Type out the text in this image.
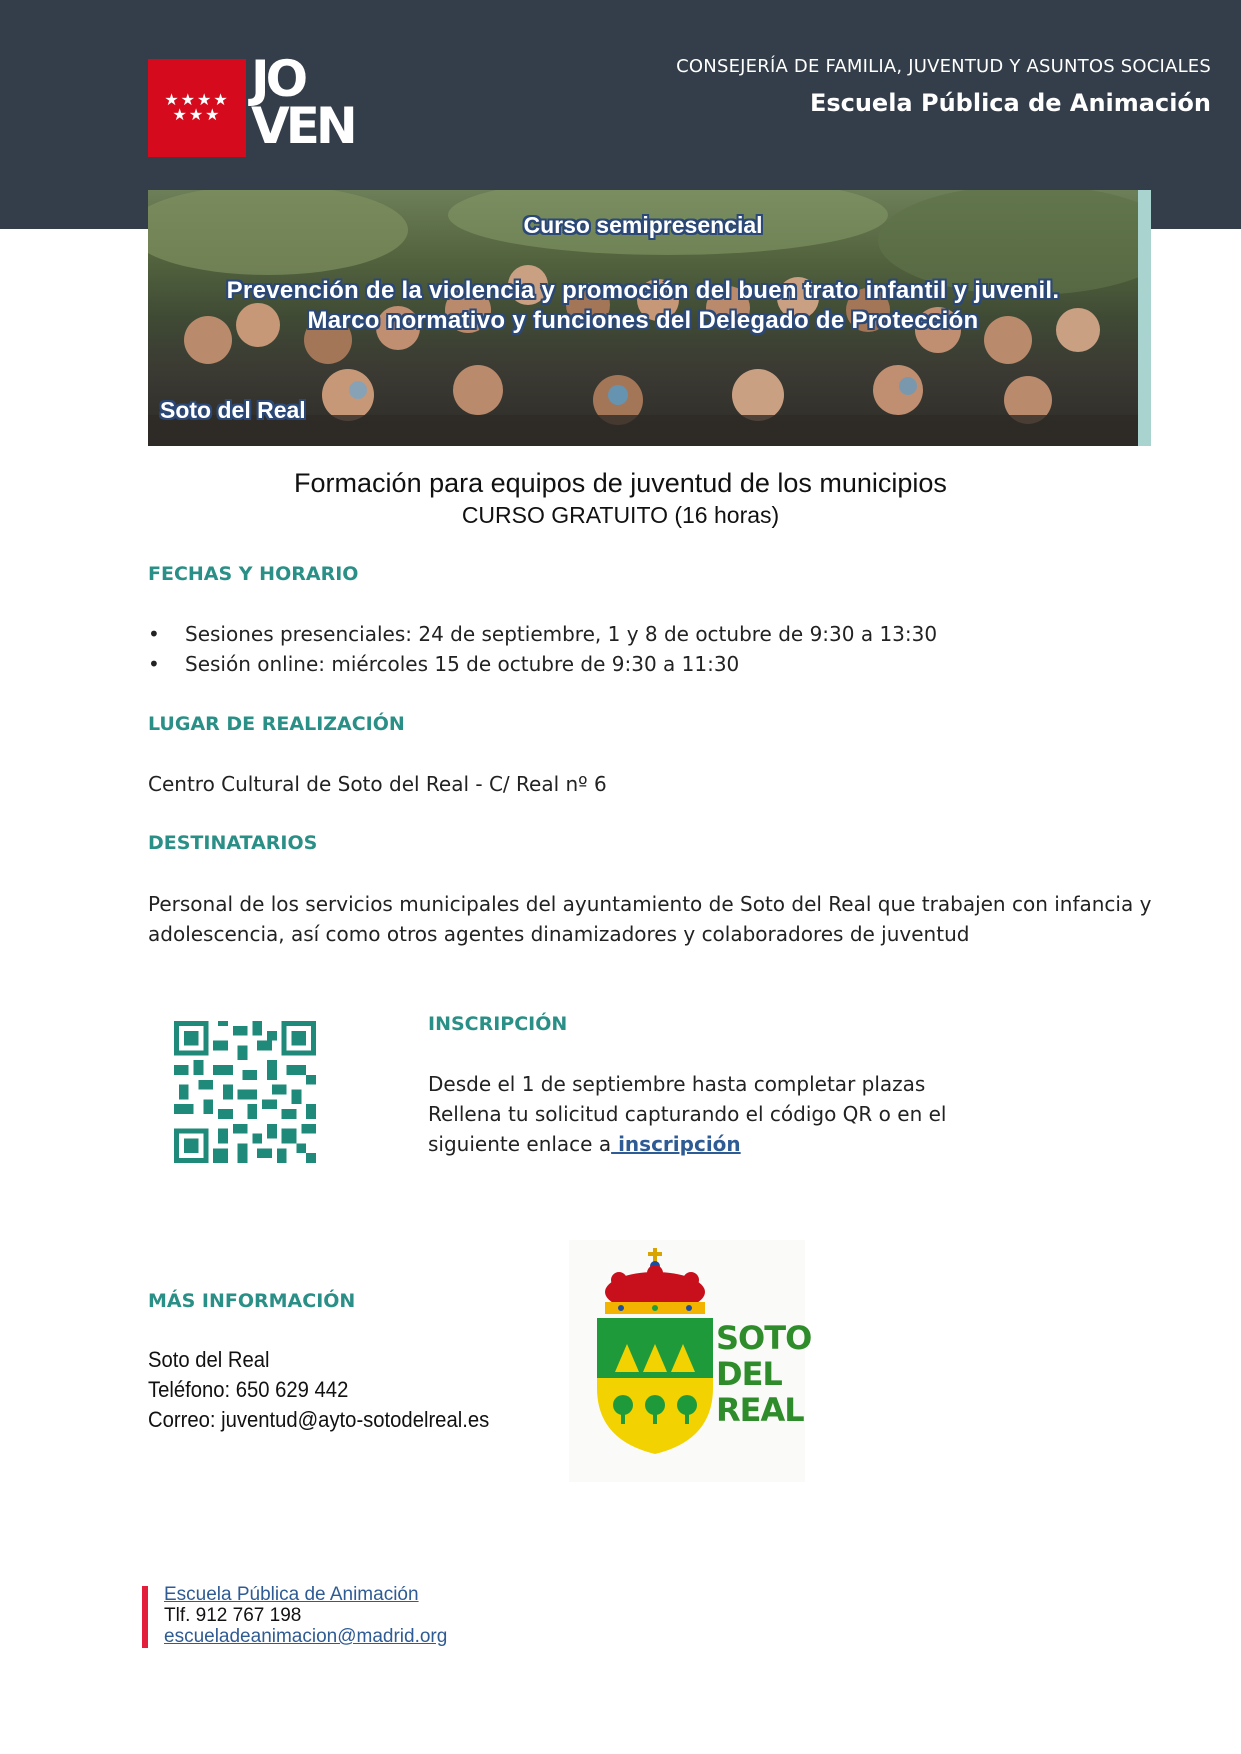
★★★★
★★★
JO
VEN
CONSEJERÍA DE FAMILIA, JUVENTUD Y ASUNTOS SOCIALES
Escuela Pública de Animación
Curso semipresencial
Prevención de la violencia y promoción del buen trato infantil y juvenil.
Marco normativo y funciones del Delegado de Protección
Soto del Real
Formación para equipos de juventud de los municipios
CURSO GRATUITO (16 horas)
FECHAS Y HORARIO
• Sesiones presenciales: 24 de septiembre, 1 y 8 de octubre de 9:30 a 13:30
• Sesión online: miércoles 15 de octubre de 9:30 a 11:30
LUGAR DE REALIZACIÓN
Centro Cultural de Soto del Real - C/ Real nº 6
DESTINATARIOS
Personal de los servicios municipales del ayuntamiento de Soto del Real que trabajen con infancia y adolescencia, así como otros agentes dinamizadores y colaboradores de juventud
INSCRIPCIÓN
Desde el 1 de septiembre hasta completar plazas
Rellena tu solicitud capturando el código QR o en el
siguiente enlace a inscripción
MÁS INFORMACIÓN
Soto del Real
Teléfono: 650 629 442
Correo: juventud@ayto-sotodelreal.es
SOTO
DEL
REAL
Escuela Pública de Animación
Tlf. 912 767 198
escueladeanimacion@madrid.org
